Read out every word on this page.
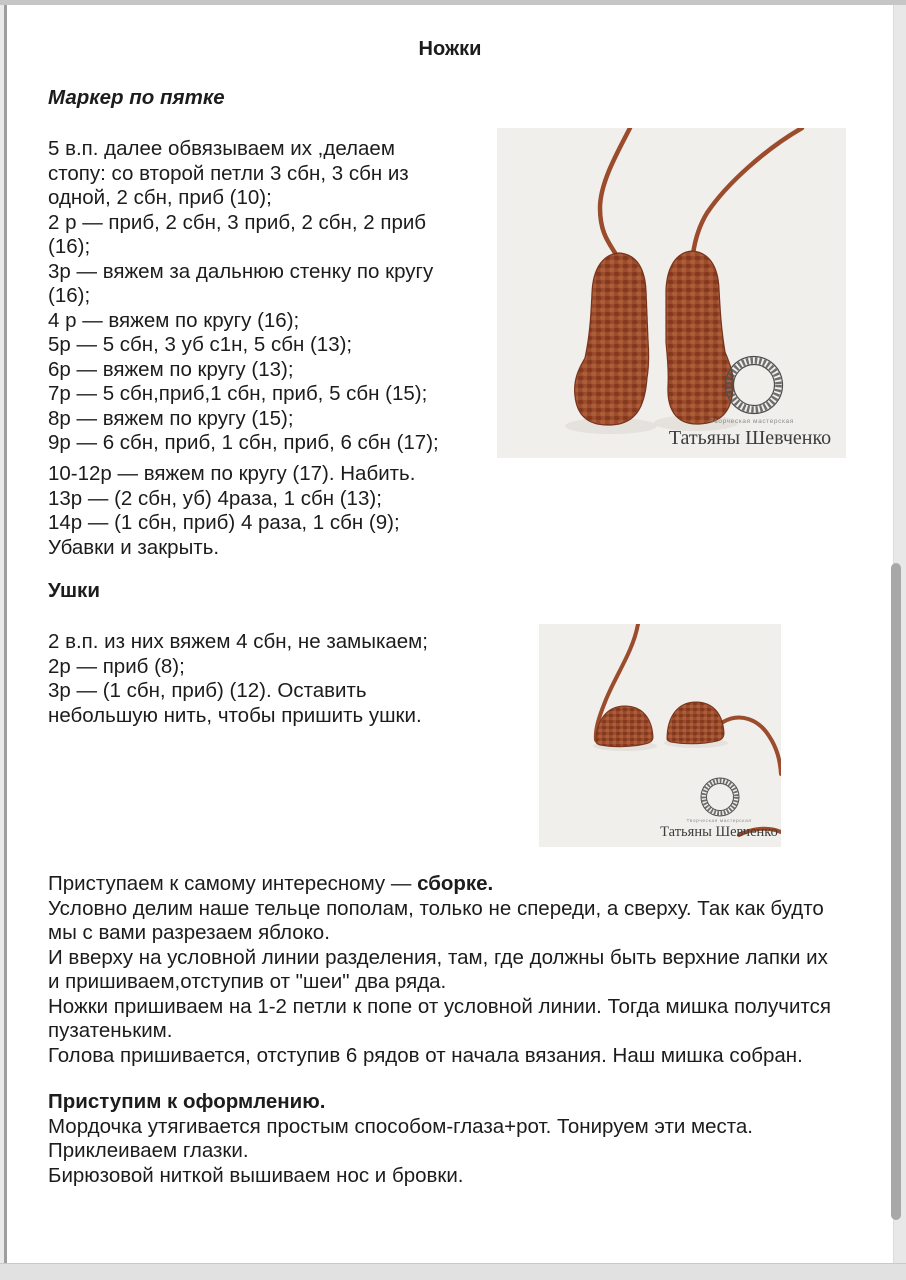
Ножки
Маркер по пятке
5 в.п. далее обвязываем их ,делаем
стопу: со второй петли 3 сбн, 3 сбн из
одной, 2 сбн, приб (10);
2 р — приб, 2 сбн, 3 приб, 2 сбн, 2 приб
(16);
3р — вяжем за дальнюю стенку по кругу
(16);
4 р — вяжем по кругу (16);
5р — 5 сбн, 3 уб с1н, 5 сбн (13);
6р — вяжем по кругу (13);
7р — 5 сбн,приб,1 сбн, приб, 5 сбн (15);
8р — вяжем по кругу (15);
9р — 6 сбн, приб, 1 сбн, приб, 6 сбн (17);
10-12р — вяжем по кругу (17). Набить.
13р — (2 сбн, уб) 4раза, 1 сбн (13);
14р — (1 сбн, приб) 4 раза, 1 сбн (9);
Убавки и закрыть.
Ушки
2 в.п. из них вяжем 4 сбн, не замыкаем;
2р — приб (8);
3р — (1 сбн, приб) (12). Оставить
небольшую нить, чтобы пришить ушки.
Творческая мастерская
Татьяны Шевченко
Творческая мастерская
Татьяны Шевченко
Приступаем к самому интересному — сборке.
Условно делим наше тельце пополам, только не спереди, а сверху. Так как будто
мы с вами разрезаем яблоко.
И вверху на условной линии разделения, там, где должны быть верхние лапки их
и пришиваем,отступив от "шеи" два ряда.
Ножки пришиваем на 1-2 петли к попе от условной линии. Тогда мишка получится
пузатеньким.
Голова пришивается, отступив 6 рядов от начала вязания. Наш мишка собран.
Приступим к оформлению.
Мордочка утягивается простым способом-глаза+рот. Тонируем эти места.
Приклеиваем глазки.
Бирюзовой ниткой вышиваем нос и бровки.
